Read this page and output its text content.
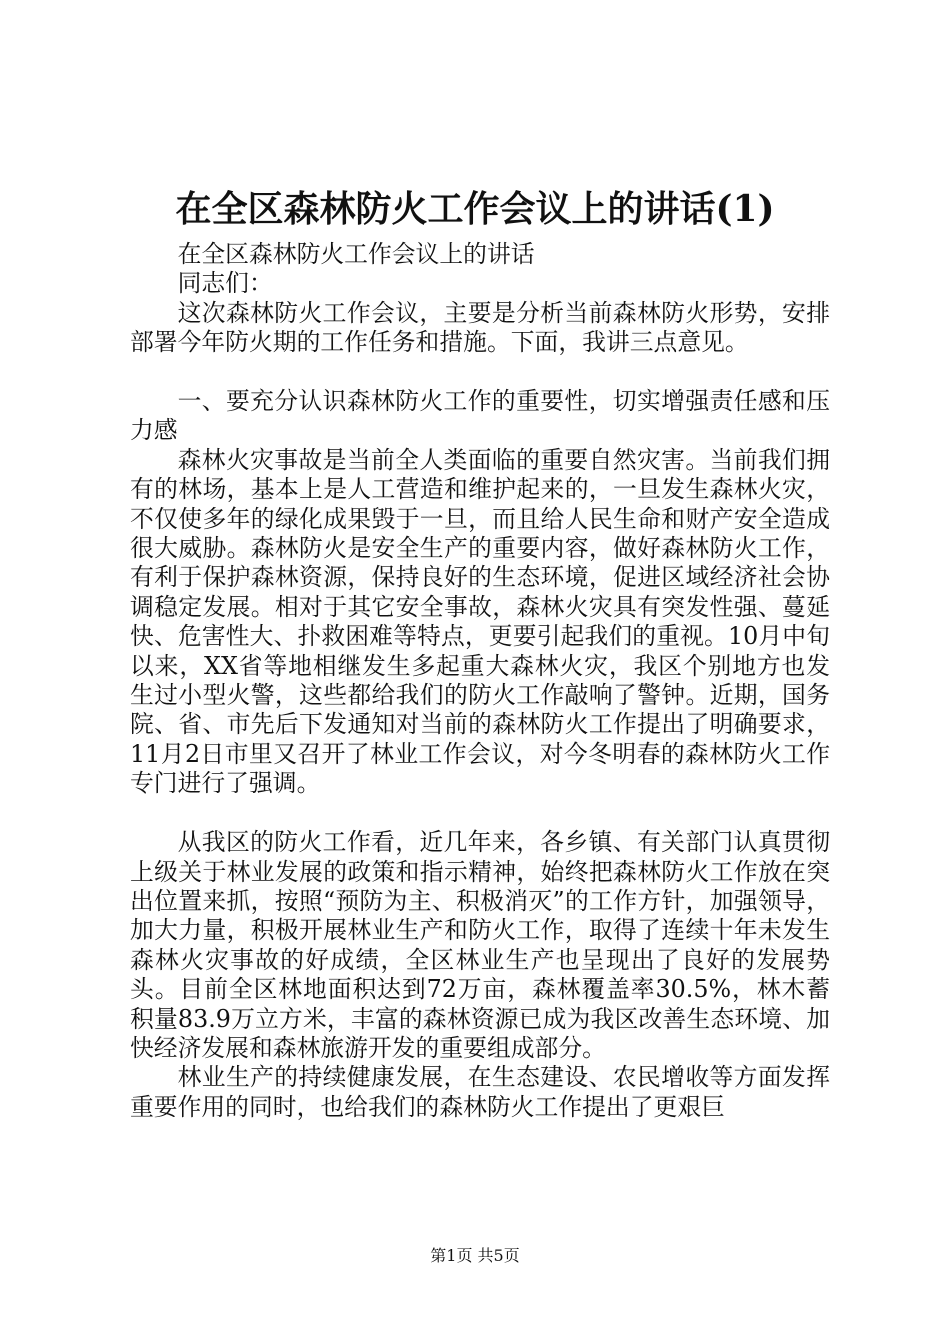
在全区森林防火工作会议上的讲话(1)

在全区森林防火工作会议上的讲话

同志们：

这次森林防火工作会议，主要是分析当前森林防火形势，安排部署今年防火期的工作任务和措施。下面，我讲三点意见。

一、要充分认识森林防火工作的重要性，切实增强责任感和压力感

森林火灾事故是当前全人类面临的重要自然灾害。当前我们拥有的林场，基本上是人工营造和维护起来的，一旦发生森林火灾，不仅使多年的绿化成果毁于一旦，而且给人民生命和财产安全造成很大威胁。森林防火是安全生产的重要内容，做好森林防火工作，有利于保护森林资源，保持良好的生态环境，促进区域经济社会协调稳定发展。相对于其它安全事故，森林火灾具有突发性强、蔓延快、危害性大、扑救困难等特点，更要引起我们的重视。10月中旬以来，XX省等地相继发生多起重大森林火灾，我区个别地方也发生过小型火警，这些都给我们的防火工作敲响了警钟。近期，国务院、省、市先后下发通知对当前的森林防火工作提出了明确要求，11月2日市里又召开了林业工作会议，对今冬明春的森林防火工作专门进行了强调。

从我区的防火工作看，近几年来，各乡镇、有关部门认真贯彻上级关于林业发展的政策和指示精神，始终把森林防火工作放在突出位置来抓，按照“预防为主、积极消灭”的工作方针，加强领导，加大力量，积极开展林业生产和防火工作，取得了连续十年未发生森林火灾事故的好成绩，全区林业生产也呈现出了良好的发展势头。目前全区林地面积达到72万亩，森林覆盖率30.5%，林木蓄积量83.9万立方米，丰富的森林资源已成为我区改善生态环境、加快经济发展和森林旅游开发的重要组成部分。

林业生产的持续健康发展，在生态建设、农民增收等方面发挥重要作用的同时，也给我们的森林防火工作提出了更艰巨

第1页 共5页
